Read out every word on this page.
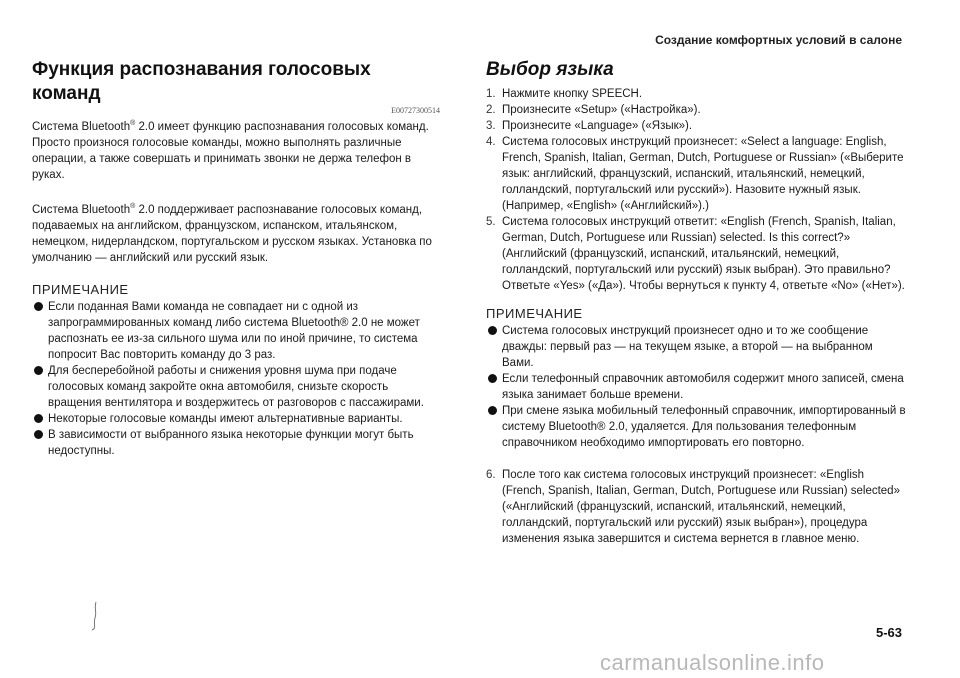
Создание комфортных условий в салоне
Функция распознавания голосовых команд
E00727300514

Система Bluetooth® 2.0 имеет функцию распознавания голосовых команд. Просто произнося голосовые команды, можно выполнять различные операции, а также совершать и принимать звонки не держа телефон в руках.

Система Bluetooth® 2.0 поддерживает распознавание голосовых команд, подаваемых на английском, французском, испанском, итальянском, немецком, нидерландском, португальском и русском языках. Установка по умолчанию — английский или русский язык.

ПРИМЕЧАНИЕ
Если поданная Вами команда не совпадает ни с одной из запрограммированных команд либо система Bluetooth® 2.0 не может распознать ее из-за сильного шума или по иной причине, то система попросит Вас повторить команду до 3 раз.
Для бесперебойной работы и снижения уровня шума при подаче голосовых команд закройте окна автомобиля, снизьте скорость вращения вентилятора и воздержитесь от разговоров с пассажирами.
Некоторые голосовые команды имеют альтернативные варианты.
В зависимости от выбранного языка некоторые функции могут быть недоступны.
Выбор языка
1. Нажмите кнопку SPEECH.
2. Произнесите «Setup» («Настройка»).
3. Произнесите «Language» («Язык»).
4. Система голосовых инструкций произнесет: «Select a language: English, French, Spanish, Italian, German, Dutch, Portuguese or Russian» («Выберите язык: английский, французский, испанский, итальянский, немецкий, голландский, португальский или русский»). Назовите нужный язык. (Например, «English» («Английский»).)
5. Система голосовых инструкций ответит: «English (French, Spanish, Italian, German, Dutch, Portuguese или Russian) selected. Is this correct?» (Английский (французский, испанский, итальянский, немецкий, голландский, португальский или русский) язык выбран). Это правильно? Ответьте «Yes» («Да»). Чтобы вернуться к пункту 4, ответьте «No» («Нет»).
ПРИМЕЧАНИЕ
Система голосовых инструкций произнесет одно и то же сообщение дважды: первый раз — на текущем языке, а второй — на выбранном Вами.
Если телефонный справочник автомобиля содержит много записей, смена языка занимает больше времени.
При смене языка мобильный телефонный справочник, импортированный в систему Bluetooth® 2.0, удаляется. Для пользования телефонным справочником необходимо импортировать его повторно.
6. После того как система голосовых инструкций произнесет: «English (French, Spanish, Italian, German, Dutch, Portuguese или Russian) selected» («Английский (французский, испанский, итальянский, немецкий, голландский, португальский или русский) язык выбран»), процедура изменения языка завершится и система вернется в главное меню.
5-63
carmanualsonline.info
